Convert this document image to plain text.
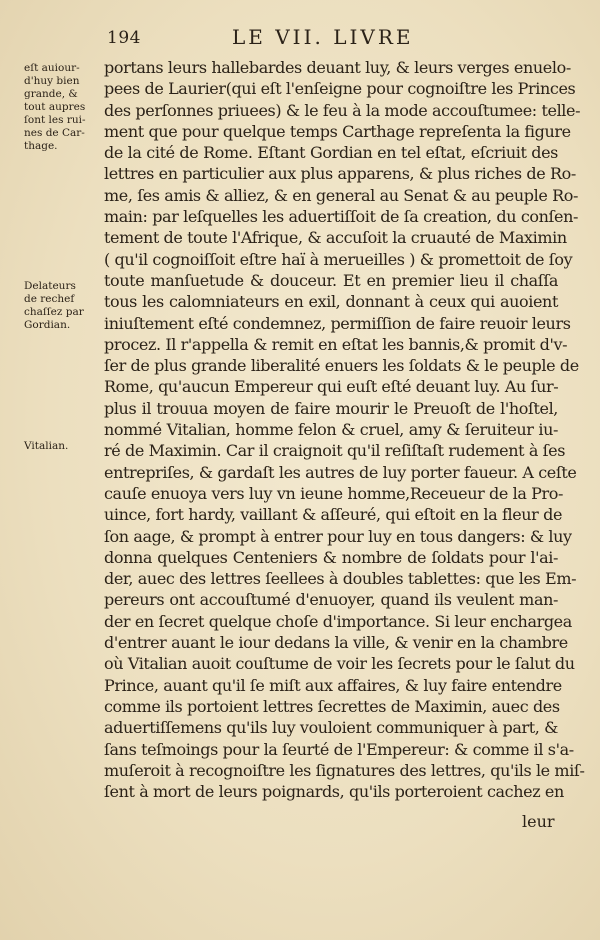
194	LE VII. LIVRE
eſt auiour-
d'huy bien
grande, &
tout aupres
ſont les rui-
nes de Car-
thage.
Delateurs
de rechef
chaſſez par
Gordian.
Vitalian.
portans leurs hallebardes deuant luy, & leurs verges enuelo-
pees de Laurier(qui eſt l'enſeigne pour cognoiſtre les Princes
des perſonnes priuees) & le feu à la mode accouſtumee: telle-
ment que pour quelque temps Carthage repreſenta la figure
de la cité de Rome. Eſtant Gordian en tel eſtat, eſcriuit des
lettres en particulier aux plus apparens, & plus riches de Ro-
me, ſes amis & alliez, & en general au Senat & au peuple Ro-
main: par leſquelles les aduertiſſoit de ſa creation, du conſen-
tement de toute l'Afrique, & accuſoit la cruauté de Maximin
( qu'il cognoiſſoit eſtre haï à merueilles ) & promettoit de ſoy
toute manſuetude & douceur. Et en premier lieu il chaſſa
tous les calomniateurs en exil, donnant à ceux qui auoient
iniuſtement eſté condemnez, permiſſion de faire reuoir leurs
procez. Il r'appella & remit en eſtat les bannis,& promit d'v-
ſer de plus grande liberalité enuers les ſoldats & le peuple de
Rome, qu'aucun Empereur qui euſt eſté deuant luy. Au ſur-
plus il trouua moyen de faire mourir le Preuoſt de l'hoſtel,
nommé Vitalian, homme felon & cruel, amy & ſeruiteur iu-
ré de Maximin. Car il craignoit qu'il reſiſtaſt rudement à ſes
entrepriſes, & gardaſt les autres de luy porter faueur. A ceſte
cauſe enuoya vers luy vn ieune homme,Receueur de la Pro-
uince, fort hardy, vaillant & aſſeuré, qui eſtoit en la fleur de
ſon aage, & prompt à entrer pour luy en tous dangers: & luy
donna quelques Centeniers & nombre de ſoldats pour l'ai-
der, auec des lettres ſeellees à doubles tablettes: que les Em-
pereurs ont accouſtumé d'enuoyer, quand ils veulent man-
der en ſecret quelque choſe d'importance. Si leur enchargea
d'entrer auant le iour dedans la ville, & venir en la chambre
où Vitalian auoit couſtume de voir les ſecrets pour le ſalut du
Prince, auant qu'il ſe miſt aux affaires, & luy faire entendre
comme ils portoient lettres ſecrettes de Maximin, auec des
aduertiſſemens qu'ils luy vouloient communiquer à part, &
ſans teſmoings pour la ſeurté de l'Empereur: & comme il s'a-
muſeroit à recognoiſtre les ſignatures des lettres, qu'ils le miſ-
ſent à mort de leurs poignards, qu'ils porteroient cachez en
leur
